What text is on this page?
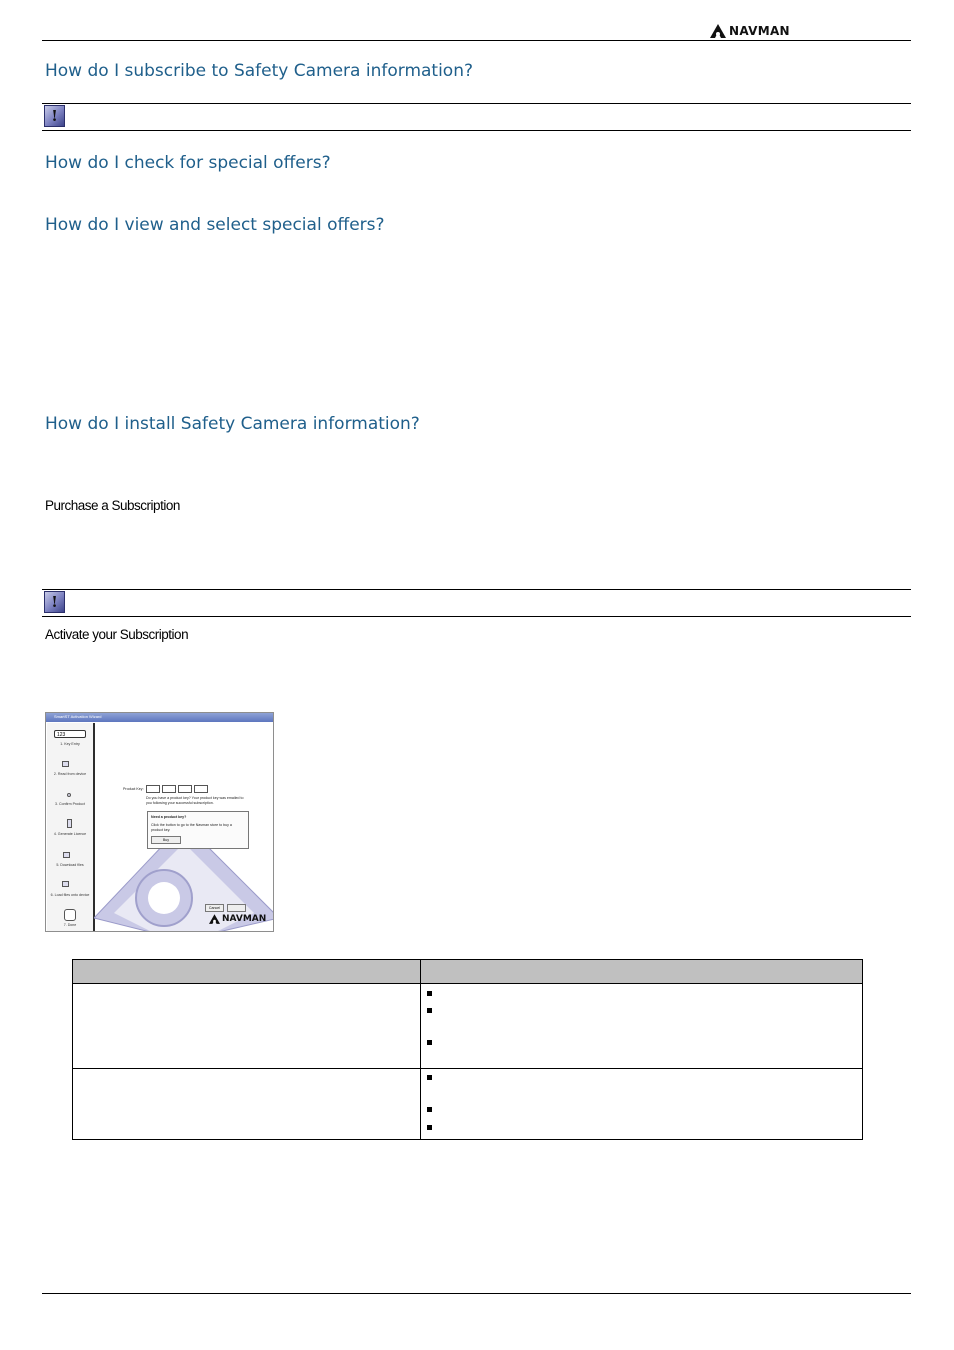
NAVMAN
How do I subscribe to Safety Camera information?
!
How do I check for special offers?
How do I view and select special offers?
How do I install Safety Camera information?
Purchase a Subscription
!
Activate your Subscription
SmartST Activation Wizard
123
1. Key Entry
2. Read from device
3. Confirm Product
4. Generate Licence
5. Download files
6. Load files onto device
7. Done
Product Key:	-	-	-
Do you have a product key? Your product key was emailed to you following your successful subscription.
Need a product key?
Click the button to go to the Navman store to buy a product key.
Buy
Cancel
NAVMAN
